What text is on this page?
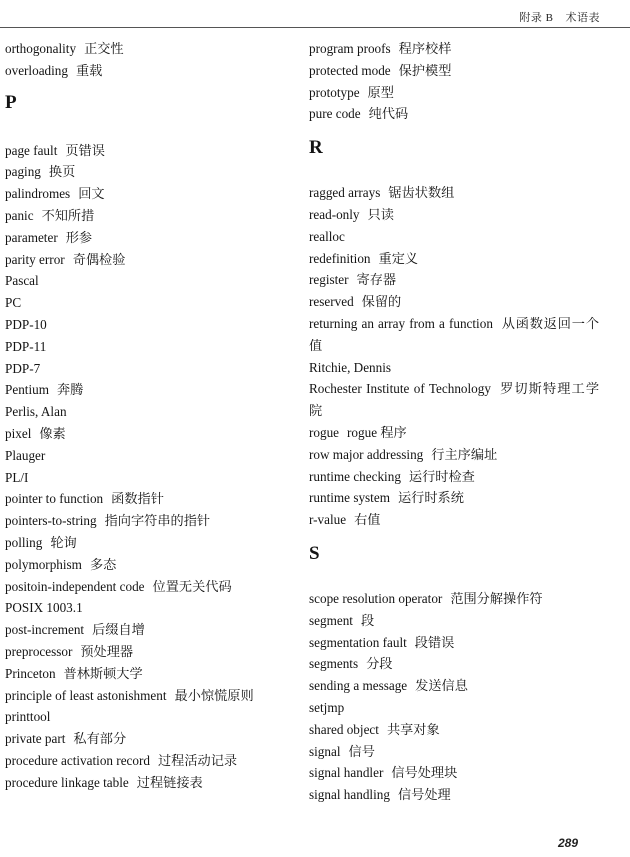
附录 B 术语表
orthogonality 正交性
overloading 重载
P
page fault 页错误
paging 换页
palindromes 回文
panic 不知所措
parameter 形参
parity error 奇偶检验
Pascal
PC
PDP-10
PDP-11
PDP-7
Pentium 奔腾
Perlis, Alan
pixel 像素
Plauger
PL/I
pointer to function 函数指针
pointers-to-string 指向字符串的指针
polling 轮询
polymorphism 多态
positoin-independent code 位置无关代码
POSIX 1003.1
post-increment 后缀自增
preprocessor 预处理器
Princeton 普林斯顿大学
principle of least astonishment 最小惊慌原则
printtool
private part 私有部分
procedure activation record 过程活动记录
procedure linkage table 过程链接表
program proofs 程序校样
protected mode 保护模型
prototype 原型
pure code 纯代码
R
ragged arrays 锯齿状数组
read-only 只读
realloc
redefinition 重定义
register 寄存器
reserved 保留的
returning an array from a function 从函数返回一个值
Ritchie, Dennis
Rochester Institute of Technology 罗切斯特理工学院
rogue rogue 程序
row major addressing 行主序编址
runtime checking 运行时检查
runtime system 运行时系统
r-value 右值
S
scope resolution operator 范围分解操作符
segment 段
segmentation fault 段错误
segments 分段
sending a message 发送信息
setjmp
shared object 共享对象
signal 信号
signal handler 信号处理块
signal handling 信号处理
289
